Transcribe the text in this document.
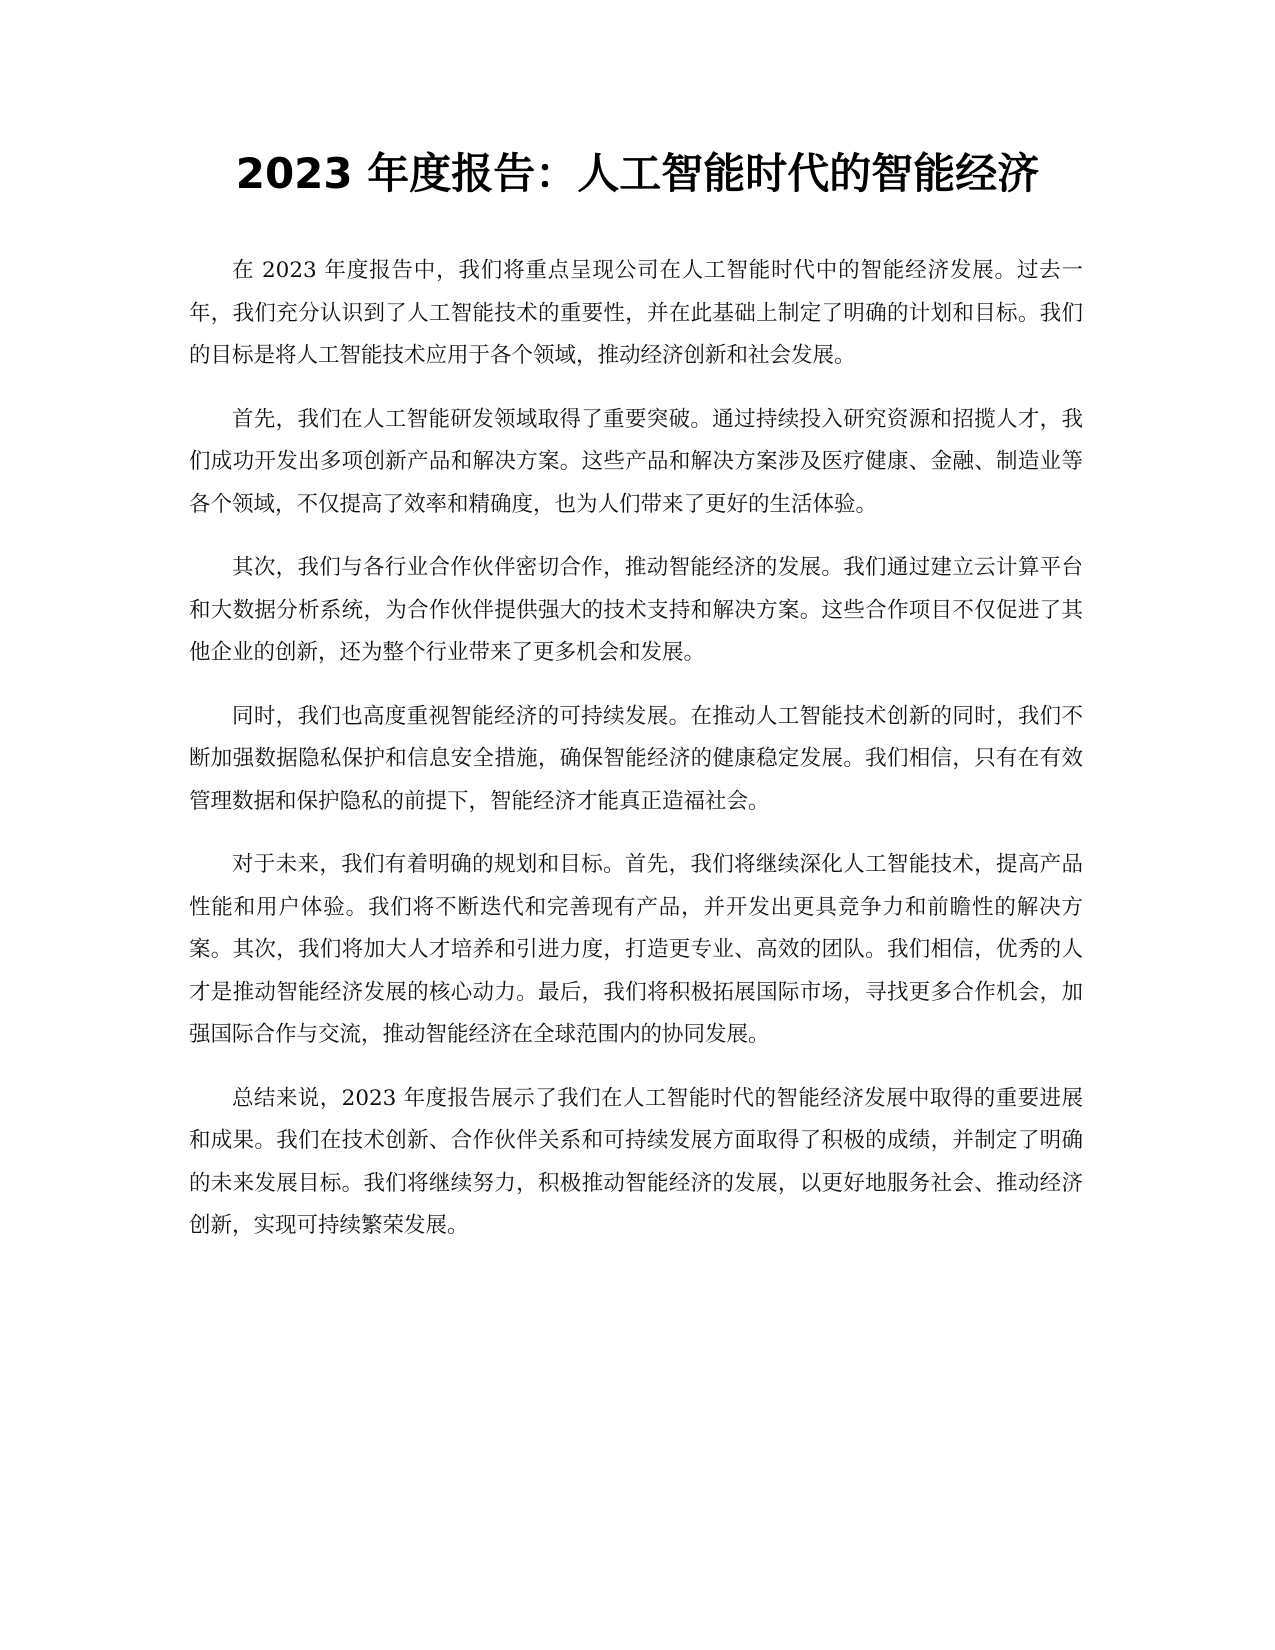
2023 年度报告：人工智能时代的智能经济

在 2023 年度报告中，我们将重点呈现公司在人工智能时代中的智能经济发展。过去一年，我们充分认识到了人工智能技术的重要性，并在此基础上制定了明确的计划和目标。我们的目标是将人工智能技术应用于各个领域，推动经济创新和社会发展。

首先，我们在人工智能研发领域取得了重要突破。通过持续投入研究资源和招揽人才，我们成功开发出多项创新产品和解决方案。这些产品和解决方案涉及医疗健康、金融、制造业等各个领域，不仅提高了效率和精确度，也为人们带来了更好的生活体验。

其次，我们与各行业合作伙伴密切合作，推动智能经济的发展。我们通过建立云计算平台和大数据分析系统，为合作伙伴提供强大的技术支持和解决方案。这些合作项目不仅促进了其他企业的创新，还为整个行业带来了更多机会和发展。

同时，我们也高度重视智能经济的可持续发展。在推动人工智能技术创新的同时，我们不断加强数据隐私保护和信息安全措施，确保智能经济的健康稳定发展。我们相信，只有在有效管理数据和保护隐私的前提下，智能经济才能真正造福社会。

对于未来，我们有着明确的规划和目标。首先，我们将继续深化人工智能技术，提高产品性能和用户体验。我们将不断迭代和完善现有产品，并开发出更具竞争力和前瞻性的解决方案。其次，我们将加大人才培养和引进力度，打造更专业、高效的团队。我们相信，优秀的人才是推动智能经济发展的核心动力。最后，我们将积极拓展国际市场，寻找更多合作机会，加强国际合作与交流，推动智能经济在全球范围内的协同发展。

总结来说，2023 年度报告展示了我们在人工智能时代的智能经济发展中取得的重要进展和成果。我们在技术创新、合作伙伴关系和可持续发展方面取得了积极的成绩，并制定了明确的未来发展目标。我们将继续努力，积极推动智能经济的发展，以更好地服务社会、推动经济创新，实现可持续繁荣发展。
